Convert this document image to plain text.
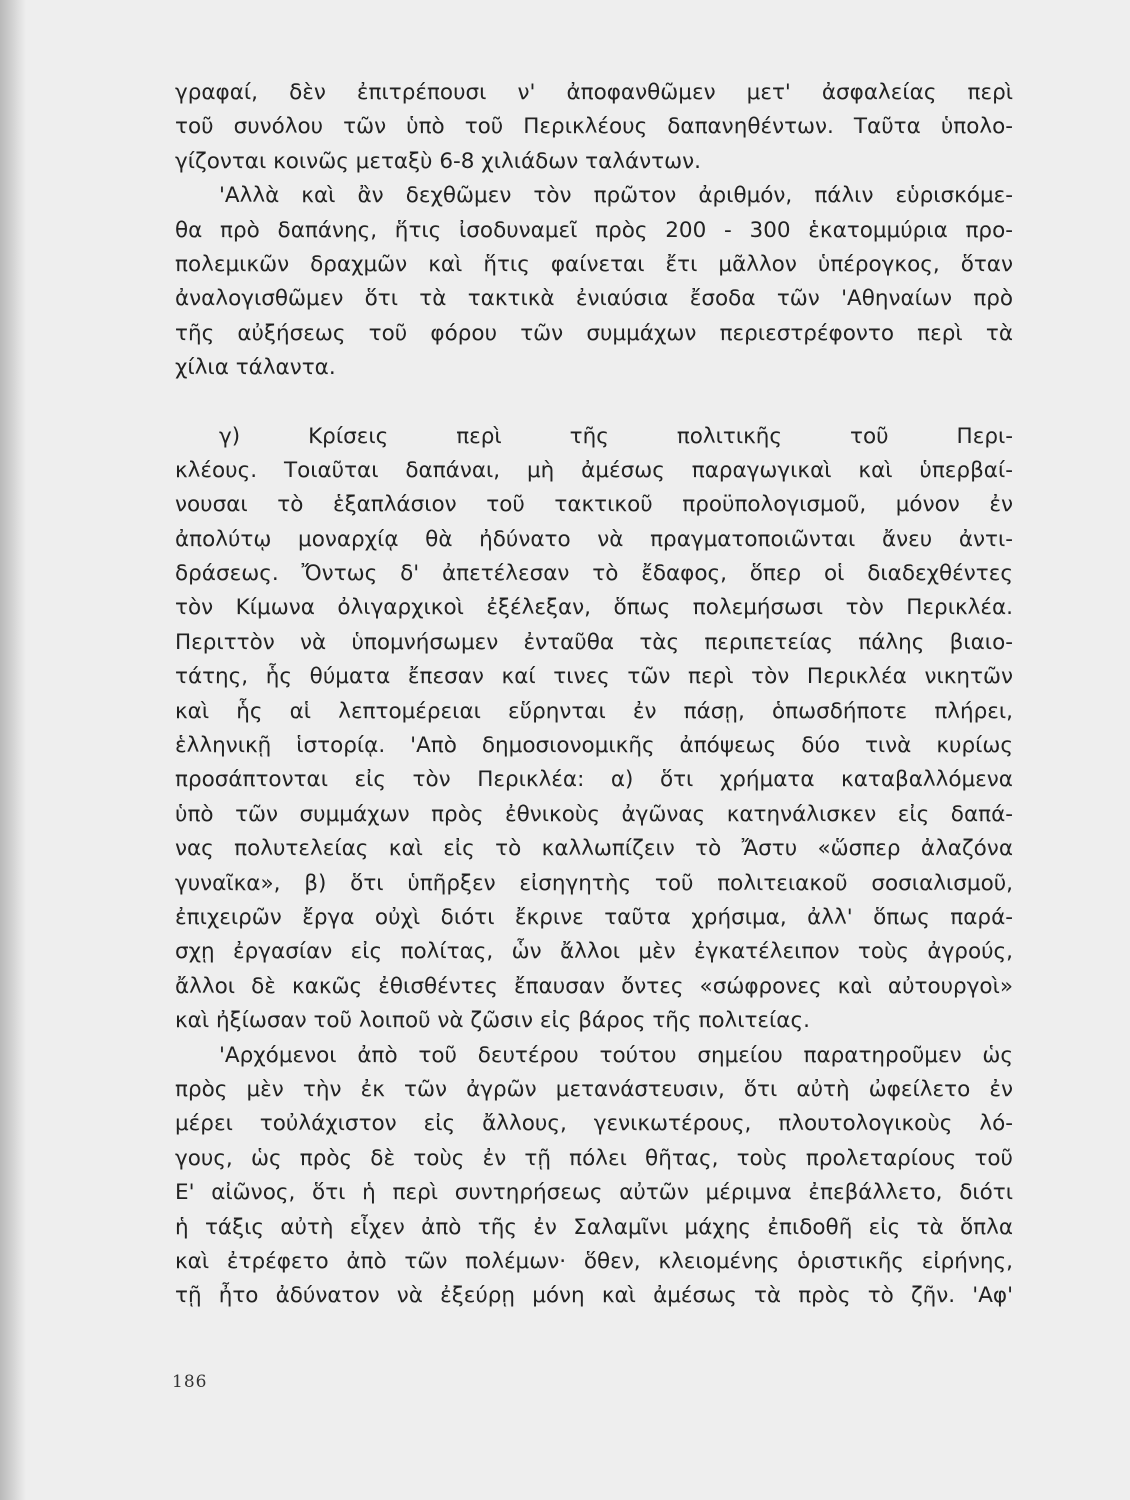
γραφαί, δὲν ἐπιτρέπουσι ν' ἀποφανθῶμεν μετ' ἀσφαλείας περὶ
τοῦ συνόλου τῶν ὑπὸ τοῦ Περικλέους δαπανηθέντων. Ταῦτα ὑπολο-
γίζονται κοινῶς μεταξὺ 6-8 χιλιάδων ταλάντων.
'Αλλὰ καὶ ἂν δεχθῶμεν τὸν πρῶτον ἀριθμόν, πάλιν εὑρισκόμε-
θα πρὸ δαπάνης, ἥτις ἰσοδυναμεῖ πρὸς 200 - 300 ἑκατομμύρια προ-
πολεμικῶν δραχμῶν καὶ ἥτις φαίνεται ἔτι μᾶλλον ὑπέρογκος, ὅταν
ἀναλογισθῶμεν ὅτι τὰ τακτικὰ ἐνιαύσια ἔσοδα τῶν 'Αθηναίων πρὸ
τῆς αὐξήσεως τοῦ φόρου τῶν συμμάχων περιεστρέφοντο περὶ τὰ
χίλια τάλαντα.
γ) Κρίσεις περὶ τῆς πολιτικῆς τοῦ Περι-
κλέους. Τοιαῦται δαπάναι, μὴ ἀμέσως παραγωγικαὶ καὶ ὑπερβαί-
νουσαι τὸ ἑξαπλάσιον τοῦ τακτικοῦ προϋπολογισμοῦ, μόνον ἐν
ἀπολύτῳ μοναρχίᾳ θὰ ἠδύνατο νὰ πραγματοποιῶνται ἄνευ ἀντι-
δράσεως. Ὄντως δ' ἀπετέλεσαν τὸ ἔδαφος, ὅπερ οἱ διαδεχθέντες
τὸν Κίμωνα ὀλιγαρχικοὶ ἐξέλεξαν, ὅπως πολεμήσωσι τὸν Περικλέα.
Περιττὸν νὰ ὑπομνήσωμεν ἐνταῦθα τὰς περιπετείας πάλης βιαιο-
τάτης, ἧς θύματα ἔπεσαν καί τινες τῶν περὶ τὸν Περικλέα νικητῶν
καὶ ἧς αἱ λεπτομέρειαι εὕρηνται ἐν πάσῃ, ὁπωσδήποτε πλήρει,
ἑλληνικῇ ἱστορίᾳ. 'Απὸ δημοσιονομικῆς ἀπόψεως δύο τινὰ κυρίως
προσάπτονται εἰς τὸν Περικλέα: α) ὅτι χρήματα καταβαλλόμενα
ὑπὸ τῶν συμμάχων πρὸς ἐθνικοὺς ἀγῶνας κατηνάλισκεν εἰς δαπά-
νας πολυτελείας καὶ εἰς τὸ καλλωπίζειν τὸ Ἄστυ «ὥσπερ ἀλαζόνα
γυναῖκα», β) ὅτι ὑπῆρξεν εἰσηγητὴς τοῦ πολιτειακοῦ σοσιαλισμοῦ,
ἐπιχειρῶν ἔργα οὐχὶ διότι ἔκρινε ταῦτα χρήσιμα, ἀλλ' ὅπως παρά-
σχῃ ἐργασίαν εἰς πολίτας, ὧν ἄλλοι μὲν ἐγκατέλειπον τοὺς ἀγρούς,
ἄλλοι δὲ κακῶς ἐθισθέντες ἔπαυσαν ὄντες «σώφρονες καὶ αὐτουργοὶ»
καὶ ἠξίωσαν τοῦ λοιποῦ νὰ ζῶσιν εἰς βάρος τῆς πολιτείας.
'Αρχόμενοι ἀπὸ τοῦ δευτέρου τούτου σημείου παρατηροῦμεν ὡς
πρὸς μὲν τὴν ἐκ τῶν ἀγρῶν μετανάστευσιν, ὅτι αὐτὴ ὠφείλετο ἐν
μέρει τοὐλάχιστον εἰς ἄλλους, γενικωτέρους, πλουτολογικοὺς λό-
γους, ὡς πρὸς δὲ τοὺς ἐν τῇ πόλει θῆτας, τοὺς προλεταρίους τοῦ
Ε' αἰῶνος, ὅτι ἡ περὶ συντηρήσεως αὐτῶν μέριμνα ἐπεβάλλετο, διότι
ἡ τάξις αὐτὴ εἶχεν ἀπὸ τῆς ἐν Σαλαμῖνι μάχης ἐπιδοθῆ εἰς τὰ ὅπλα
καὶ ἐτρέφετο ἀπὸ τῶν πολέμων· ὅθεν, κλειομένης ὁριστικῆς εἰρήνης,
τῇ ἦτο ἀδύνατον νὰ ἐξεύρῃ μόνη καὶ ἀμέσως τὰ πρὸς τὸ ζῆν. 'Αφ'
186
